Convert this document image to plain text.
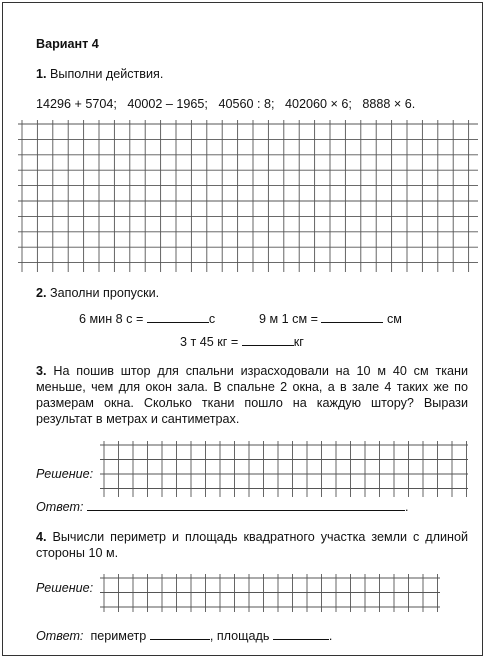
Вариант 4
1. Выполни действия.
14296 + 5704; 40002 – 1965; 40560 : 8; 402060 × 6; 8888 × 6.
2. Заполни пропуски.
6 мин 8 с =	с	9 м 1 см =	см
3 т 45 кг =	кг
3. На пошив штор для спальни израсходовали на 10 м 40 см ткани меньше, чем для окон зала. В спальне 2 окна, а в зале 4 таких же по размерам окна. Сколько ткани пошло на каждую штору? Вырази результат в метрах и сантиметрах.
Решение:
Ответ:	.
4. Вычисли периметр и площадь квадратного участка земли с длиной стороны 10 м.
Решение:
Ответ: периметр	, площадь	.
